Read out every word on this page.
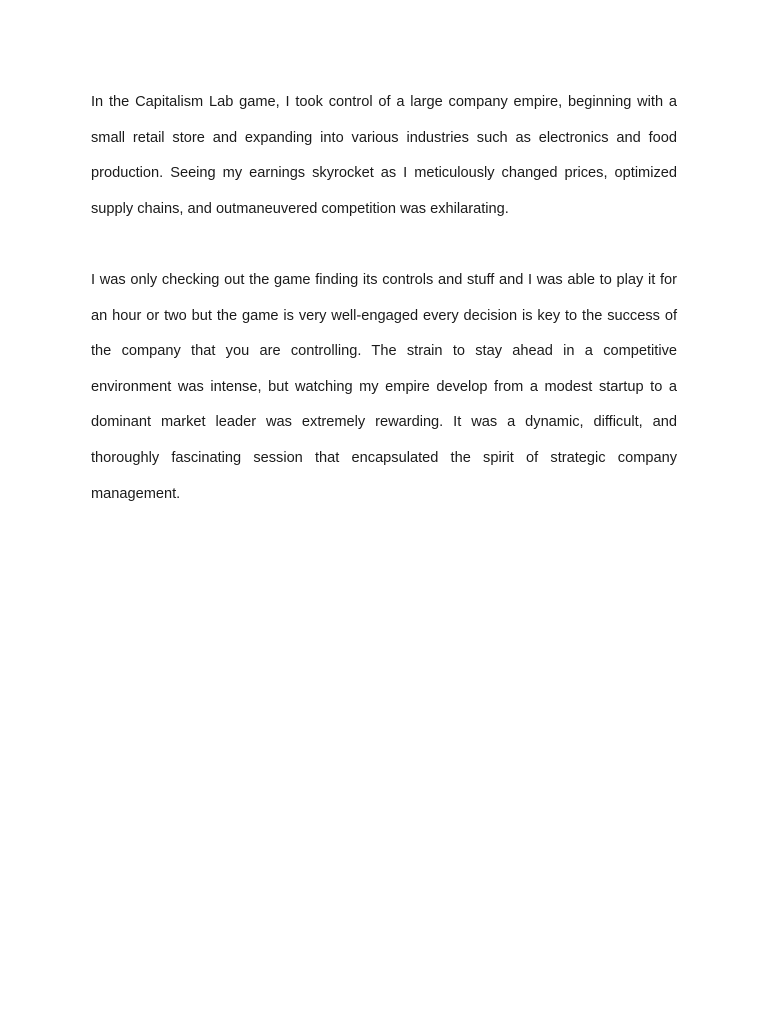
In the Capitalism Lab game, I took control of a large company empire, beginning with a small retail store and expanding into various industries such as electronics and food production. Seeing my earnings skyrocket as I meticulously changed prices, optimized supply chains, and outmaneuvered competition was exhilarating.

I was only checking out the game finding its controls and stuff and I was able to play it for an hour or two but the game is very well-engaged every decision is key to the success of the company that you are controlling. The strain to stay ahead in a competitive environment was intense, but watching my empire develop from a modest startup to a dominant market leader was extremely rewarding. It was a dynamic, difficult, and thoroughly fascinating session that encapsulated the spirit of strategic company management.
